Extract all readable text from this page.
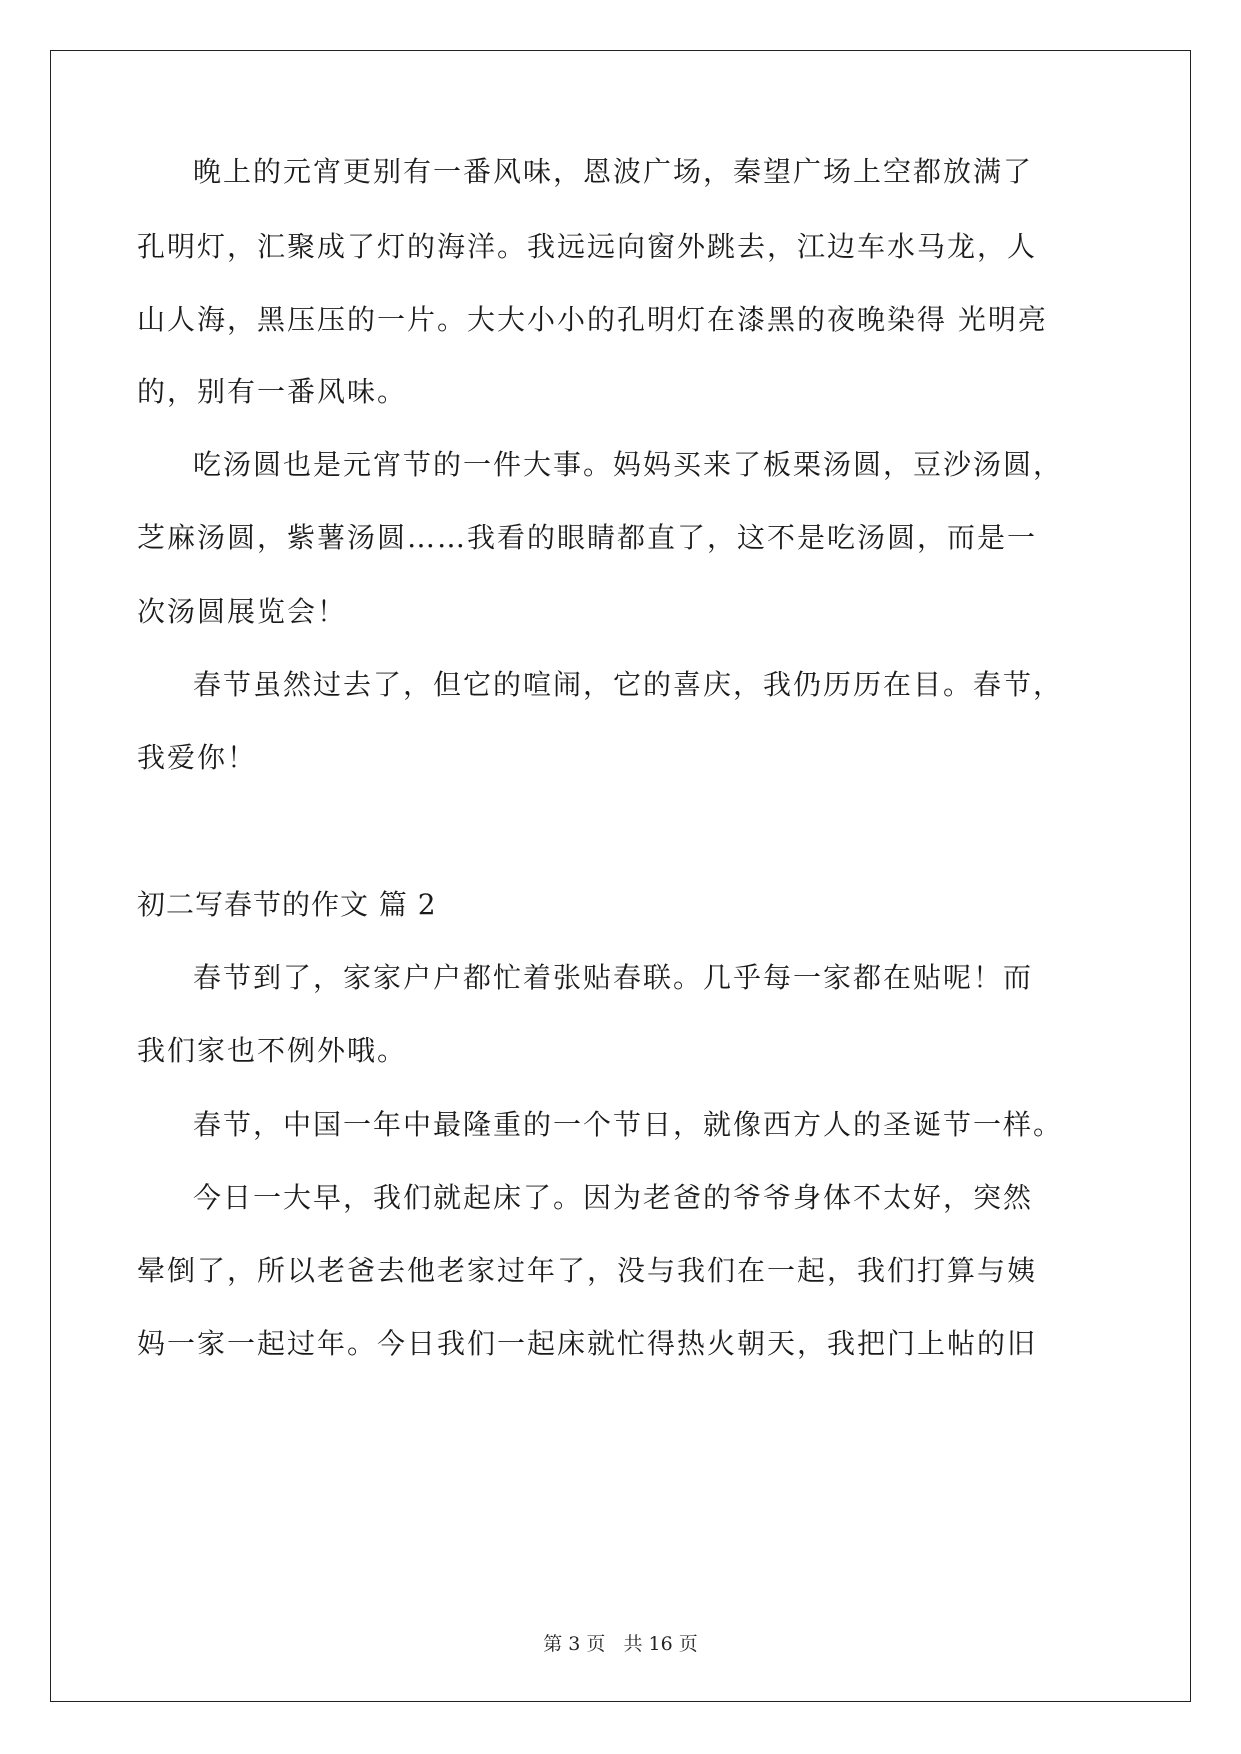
晚上的元宵更别有一番风味，恩波广场，秦望广场上空都放满了
孔明灯，汇聚成了灯的海洋。我远远向窗外跳去，江边车水马龙，人
山人海，黑压压的一片。大大小小的孔明灯在漆黑的夜晚染得 光明亮
的，别有一番风味。
吃汤圆也是元宵节的一件大事。妈妈买来了板栗汤圆，豆沙汤圆，
芝麻汤圆，紫薯汤圆……我看的眼睛都直了，这不是吃汤圆，而是一
次汤圆展览会！
春节虽然过去了，但它的喧闹，它的喜庆，我仍历历在目。春节，
我爱你！
初二写春节的作文 篇 2
春节到了，家家户户都忙着张贴春联。几乎每一家都在贴呢！而
我们家也不例外哦。
春节，中国一年中最隆重的一个节日，就像西方人的圣诞节一样。
今日一大早，我们就起床了。因为老爸的爷爷身体不太好，突然
晕倒了，所以老爸去他老家过年了，没与我们在一起，我们打算与姨
妈一家一起过年。今日我们一起床就忙得热火朝天，我把门上帖的旧
第 3 页 共 16 页
